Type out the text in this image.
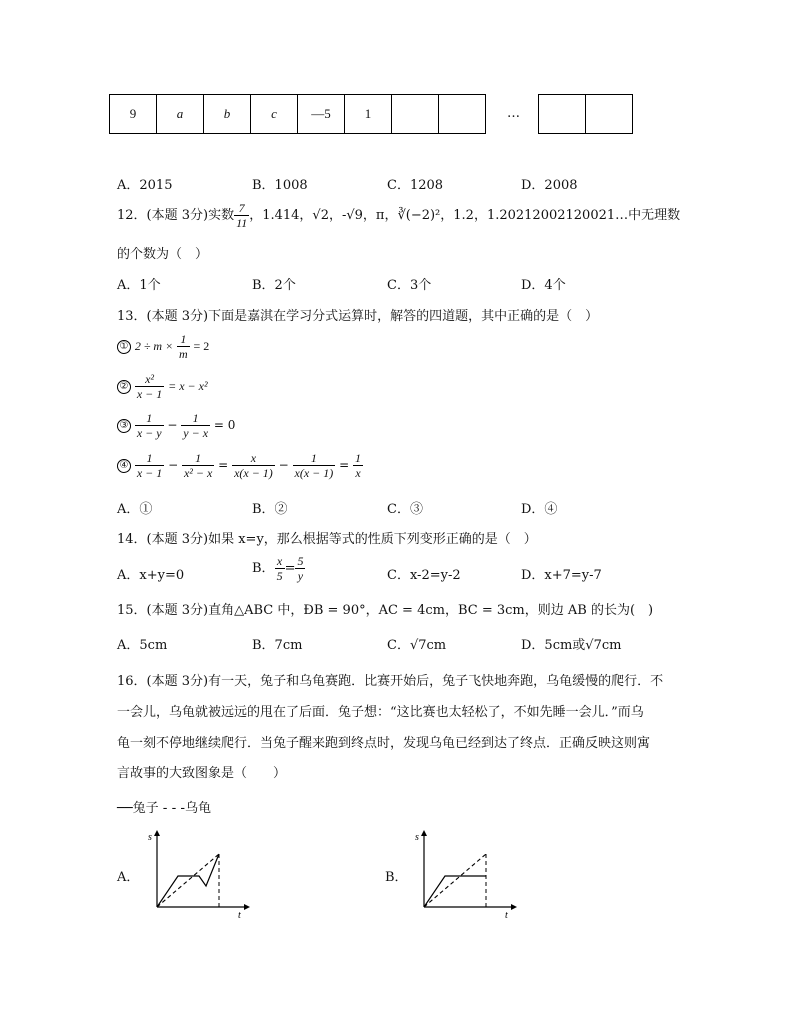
9	a	b	c	—5	1			…

A．2015	B．1008	C．1208	D．2008
12．(本题 3分)实数 $\frac{7}{11}$ ，1.414，√2，-√9，π，∛(−2)²，1.2，1.20212002120021…中无理数
的个数为（　）
A．1个	B．2个	C．3个	D．4个
13．(本题 3分)下面是嘉淇在学习分式运算时，解答的四道题，其中正确的是（　）
① $2 \div m \times \frac{1}{m} = 2$
② $\frac{\text{x²}}{x - 1} = x - x^2$
③ $\frac{1}{x - y} - \frac{1}{y - x} = 0$
④ $\frac{1}{x - 1} - \frac{1}{\text{x² − x}} = \frac{x}{x(x - 1)} - \frac{1}{x(x - 1)} = \frac{1}{x}$
A．①	B．②	C．③	D．④
14．(本题 3分)如果 x=y，那么根据等式的性质下列变形正确的是（　）
A．x+y=0	B． $\frac{x}{5} = \frac{5}{y}$	C．x-2=y-2	D．x+7=y-7
15．(本题 3分)直角△ABC 中，ÐB = 90°，AC = 4cm，BC = 3cm，则边 AB 的长为(　)
A．5cm	B．7cm	C．√7cm	D．5cm或√7cm
16．(本题 3分)有一天，兔子和乌龟赛跑．比赛开始后，兔子飞快地奔跑，乌龟缓慢的爬行．不
一会儿，乌龟就被远远的甩在了后面．兔子想：“这比赛也太轻松了，不如先睡一会儿．”而乌
龟一刻不停地继续爬行．当兔子醒来跑到终点时，发现乌龟已经到达了终点．正确反映这则寓
言故事的大致图象是（　　）
──兔子 - - -乌龟
A．
s
t
B．
s
t
